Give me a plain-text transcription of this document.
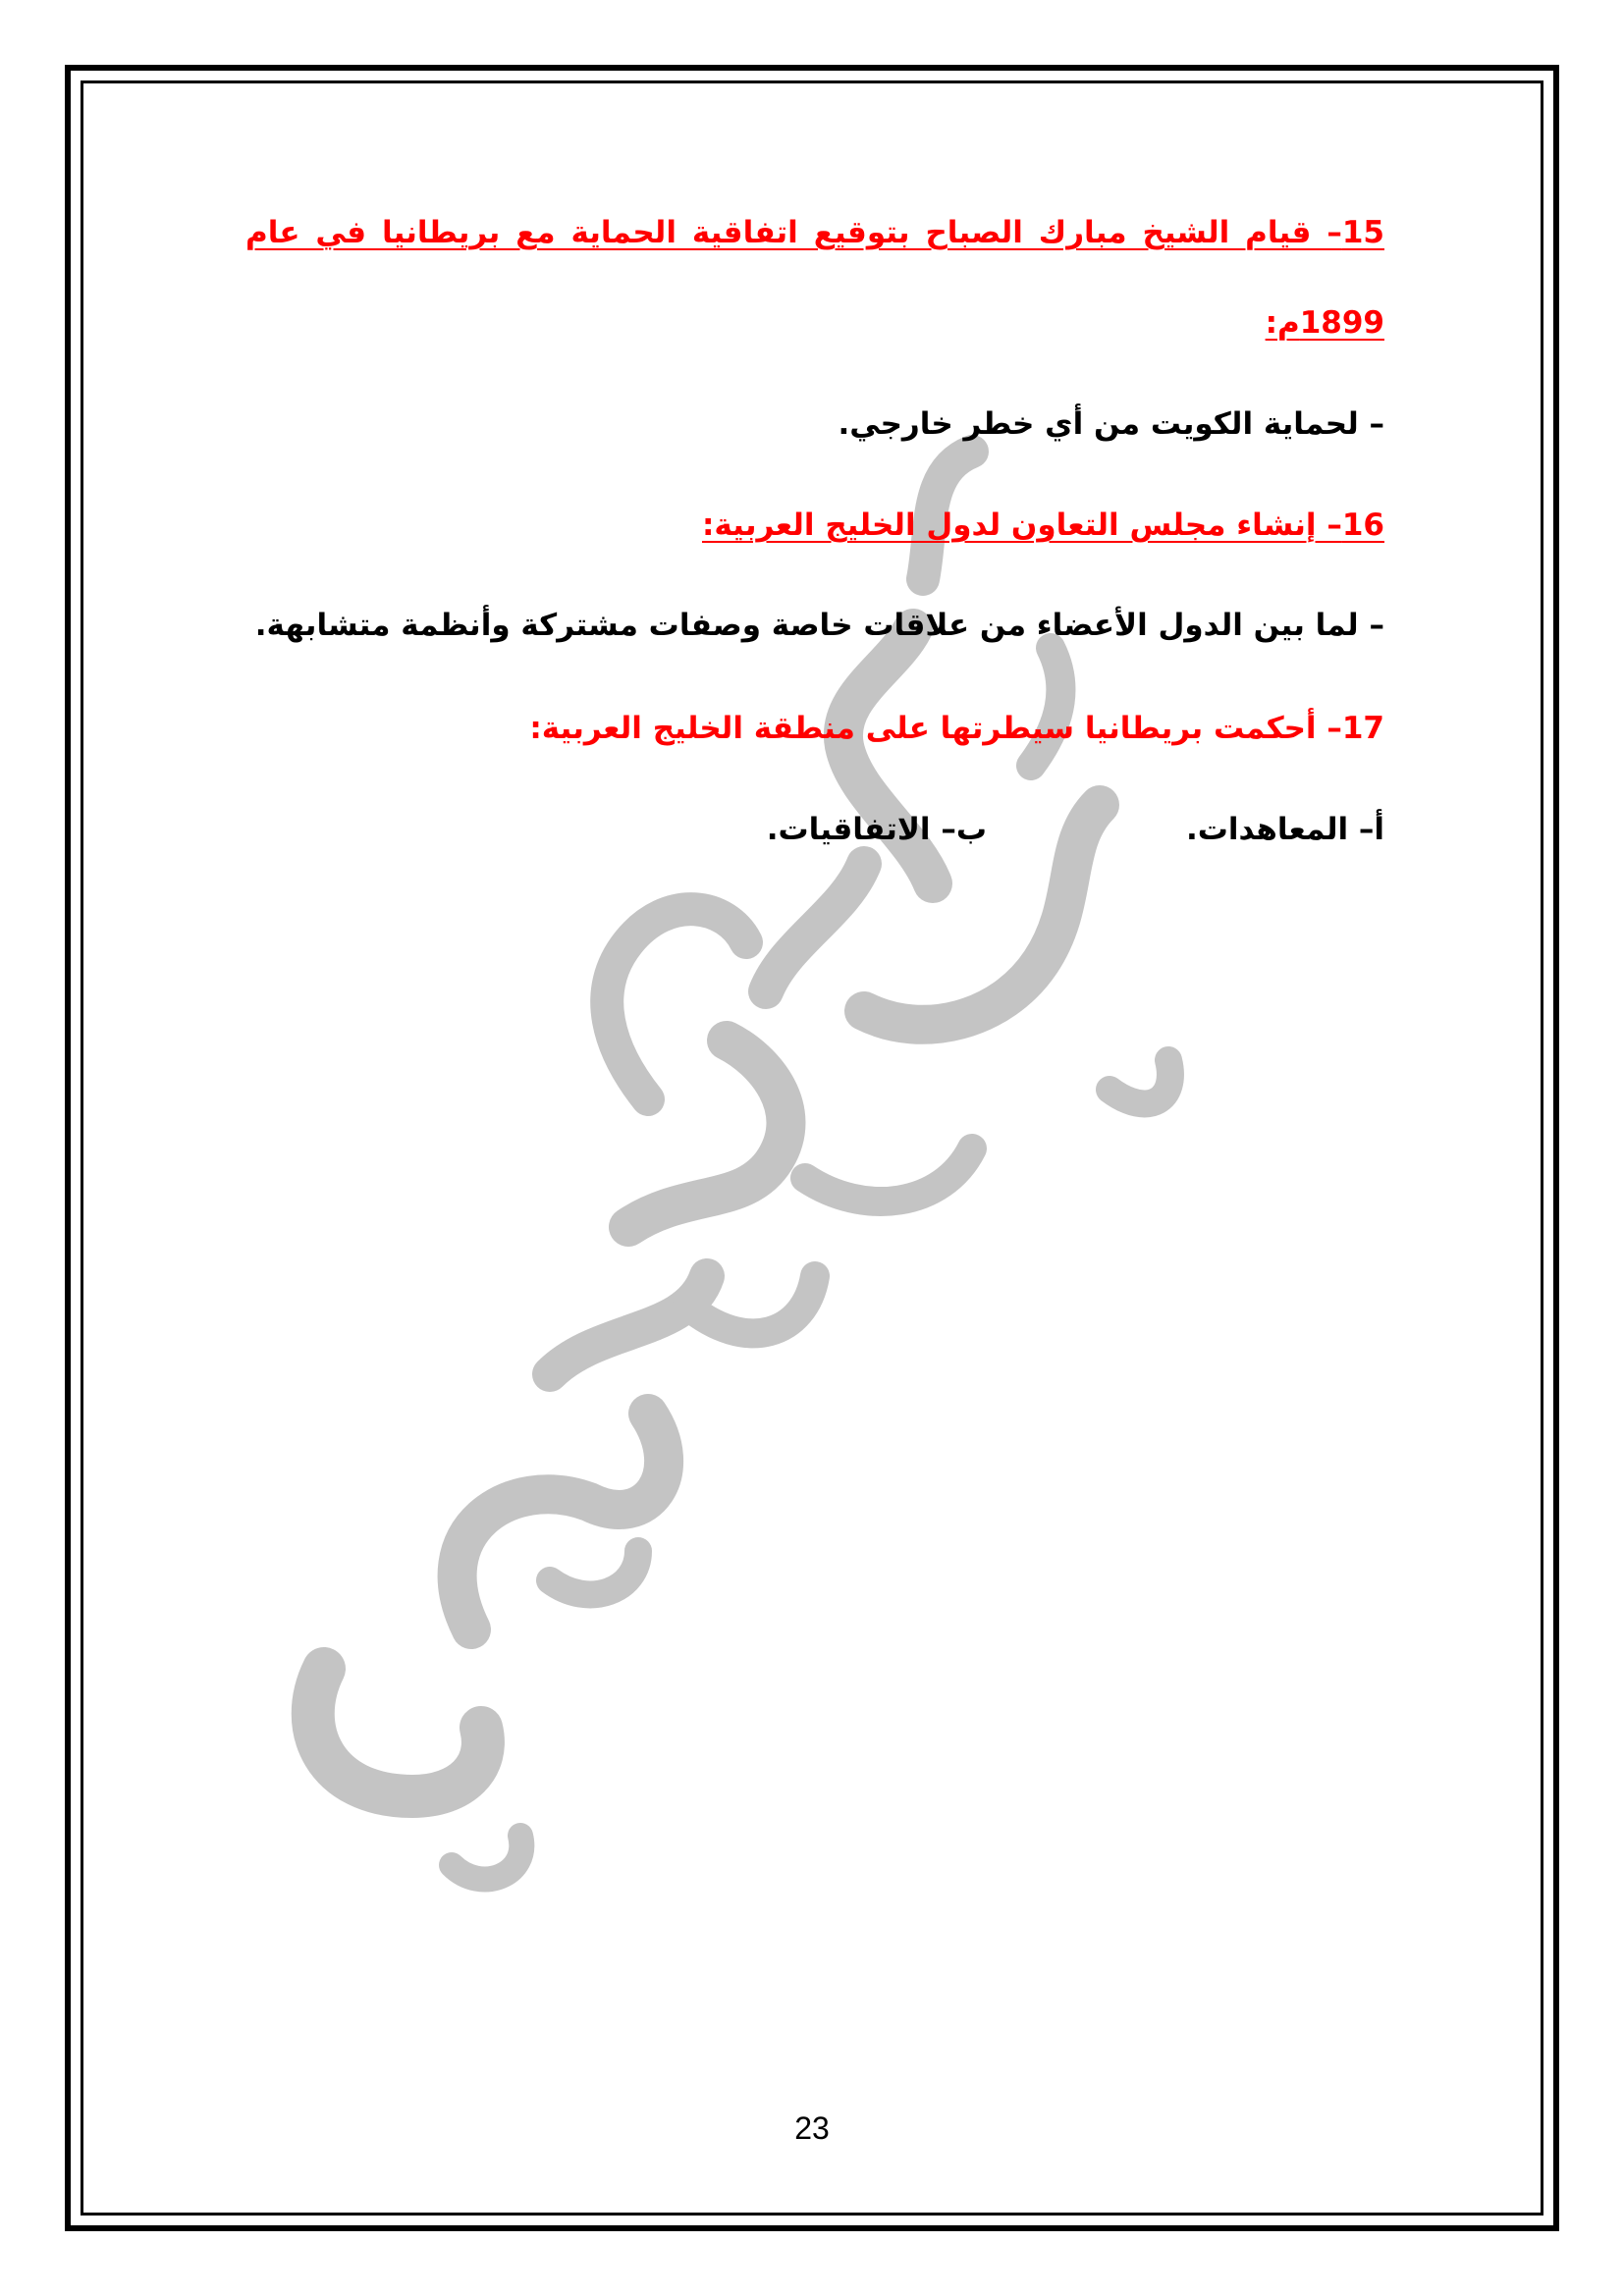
15– قيام الشيخ مبارك الصباح بتوقيع اتفاقية الحماية مع بريطانيا في عام

1899م:

– لحماية الكويت من أي خطر خارجي.

16– إنشاء مجلس التعاون لدول الخليج العربية:

– لما بين الدول الأعضاء من علاقات خاصة وصفات مشتركة وأنظمة متشابهة.

17– أحكمت بريطانيا سيطرتها على منطقة الخليج العربية:

أ– المعاهدات.
ب– الاتفاقيات.
23
